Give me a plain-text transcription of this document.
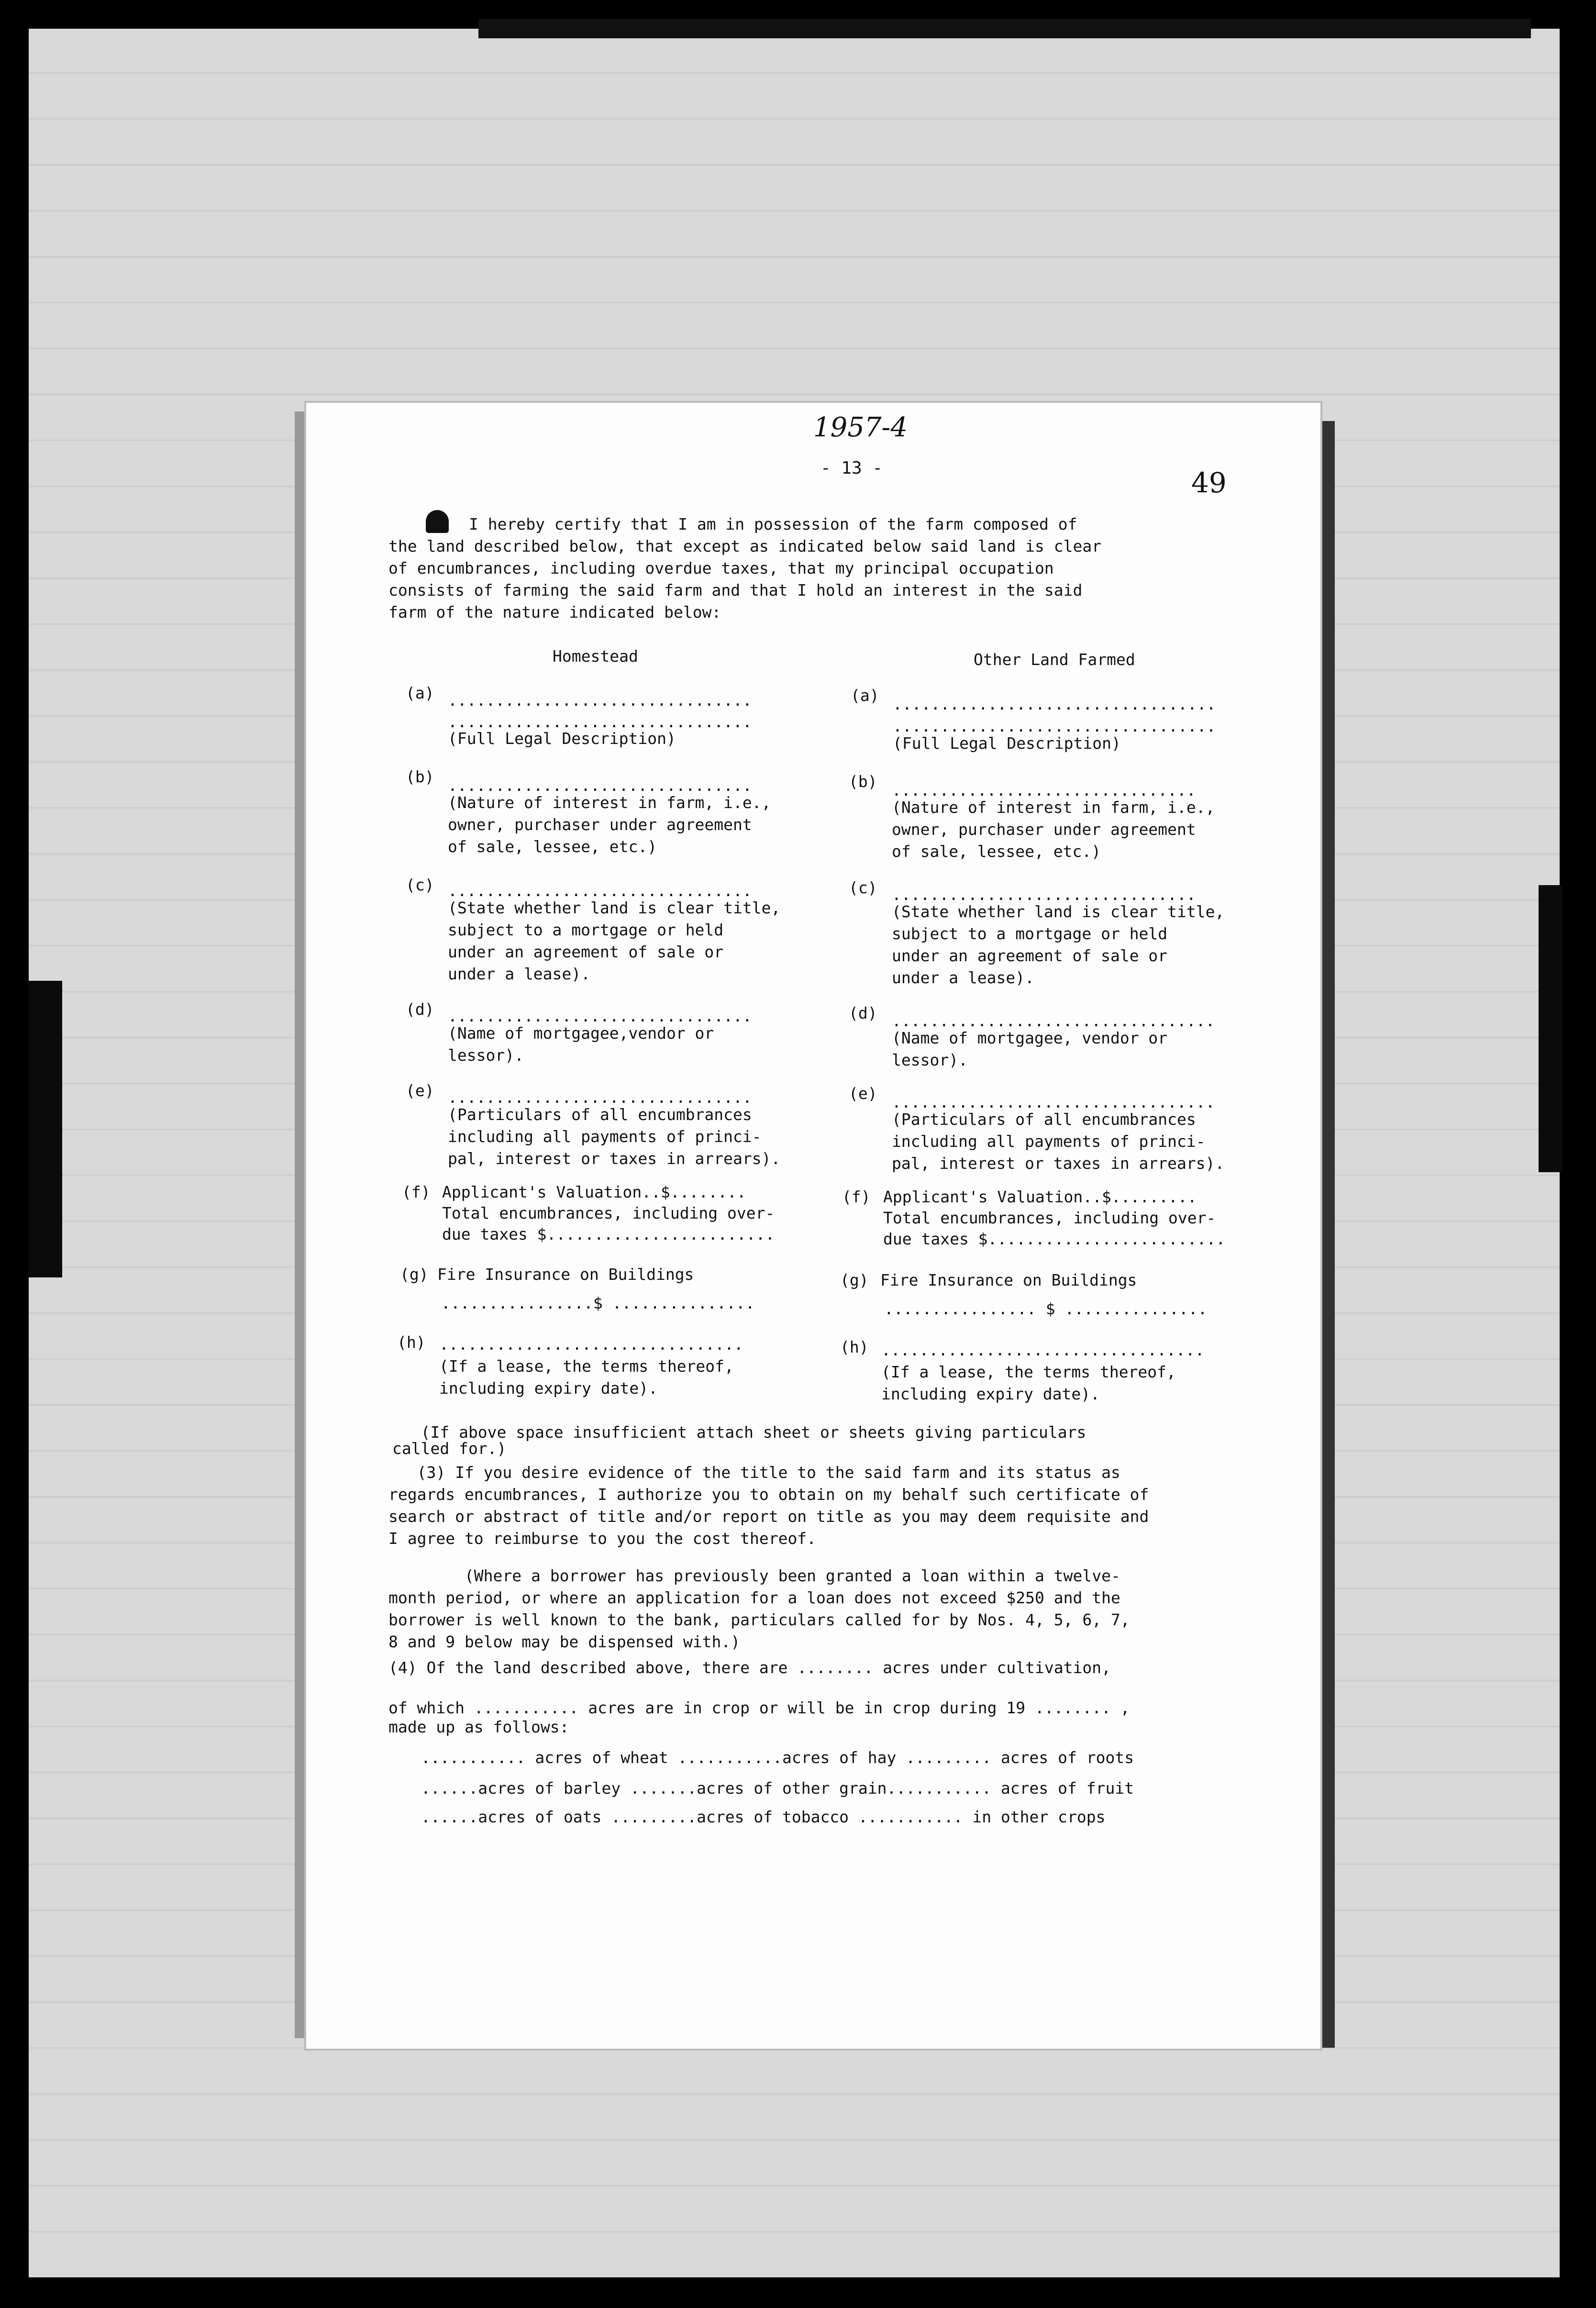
1957-4
- 13 -	49
I hereby certify that I am in possession of the farm composed of
the land described below, that except as indicated below said land is clear
of encumbrances, including overdue taxes, that my principal occupation
consists of farming the said farm and that I hold an interest in the said
farm of the nature indicated below:
Homestead	Other Land Farmed
(a) ................................
................................
(Full Legal Description)
(b) ................................
(Nature of interest in farm, i.e.,
owner, purchaser under agreement
of sale, lessee, etc.)
(c) ................................
(State whether land is clear title,
subject to a mortgage or held
under an agreement of sale or
under a lease).
(d) ................................
(Name of mortgagee,vendor or
lessor).
(e) ................................
(Particulars of all encumbrances
including all payments of princi-
pal, interest or taxes in arrears).
(f) Applicant's Valuation..$........
Total encumbrances, including over-
due taxes $........................
(g) Fire Insurance on Buildings
................$ ...............
(h) ................................
(If a lease, the terms thereof,
including expiry date).
(a) ..................................
..................................
(Full Legal Description)
(b) ................................
(Nature of interest in farm, i.e.,
owner, purchaser under agreement
of sale, lessee, etc.)
(c) ................................
(State whether land is clear title,
subject to a mortgage or held
under an agreement of sale or
under a lease).
(d) ..................................
(Name of mortgagee, vendor or
lessor).
(e) ..................................
(Particulars of all encumbrances
including all payments of princi-
pal, interest or taxes in arrears).
(f) Applicant's Valuation..$.........
Total encumbrances, including over-
due taxes $.........................
(g) Fire Insurance on Buildings
................ $ ...............
(h) ..................................
(If a lease, the terms thereof,
including expiry date).
(If above space insufficient attach sheet or sheets giving particulars
called for.)
(3) If you desire evidence of the title to the said farm and its status as
regards encumbrances, I authorize you to obtain on my behalf such certificate of
search or abstract of title and/or report on title as you may deem requisite and
I agree to reimburse to you the cost thereof.
(Where a borrower has previously been granted a loan within a twelve-
month period, or where an application for a loan does not exceed $250 and the
borrower is well known to the bank, particulars called for by Nos. 4, 5, 6, 7,
8 and 9 below may be dispensed with.)
(4) Of the land described above, there are ........ acres under cultivation,
of which ........... acres are in crop or will be in crop during 19 ........ ,
made up as follows:
........... acres of wheat ...........acres of hay ......... acres of roots
......acres of barley .......acres of other grain........... acres of fruit
......acres of oats .........acres of tobacco ........... in other crops
